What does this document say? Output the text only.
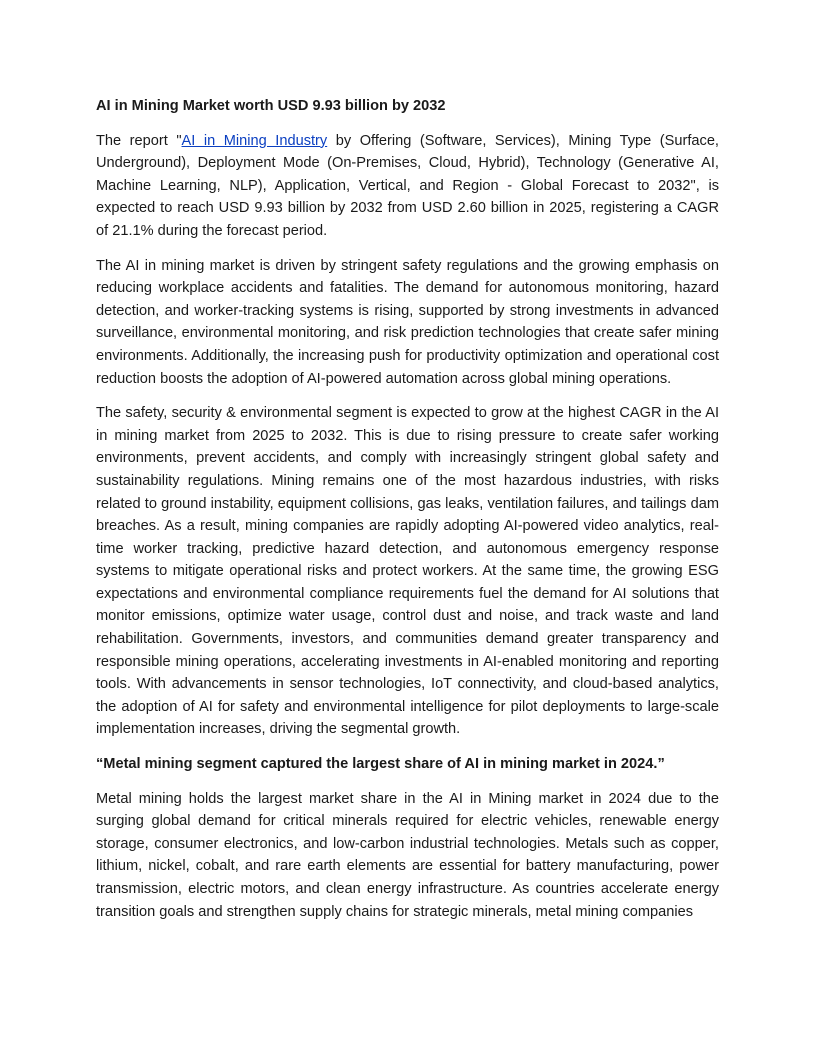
AI in Mining Market worth USD 9.93 billion by 2032

The report "AI in Mining Industry by Offering (Software, Services), Mining Type (Surface, Underground), Deployment Mode (On-Premises, Cloud, Hybrid), Technology (Generative AI, Machine Learning, NLP), Application, Vertical, and Region - Global Forecast to 2032", is expected to reach USD 9.93 billion by 2032 from USD 2.60 billion in 2025, registering a CAGR of 21.1% during the forecast period.

The AI in mining market is driven by stringent safety regulations and the growing emphasis on reducing workplace accidents and fatalities. The demand for autonomous monitoring, hazard detection, and worker-tracking systems is rising, supported by strong investments in advanced surveillance, environmental monitoring, and risk prediction technologies that create safer mining environments. Additionally, the increasing push for productivity optimization and operational cost reduction boosts the adoption of AI-powered automation across global mining operations.

The safety, security & environmental segment is expected to grow at the highest CAGR in the AI in mining market from 2025 to 2032. This is due to rising pressure to create safer working environments, prevent accidents, and comply with increasingly stringent global safety and sustainability regulations. Mining remains one of the most hazardous industries, with risks related to ground instability, equipment collisions, gas leaks, ventilation failures, and tailings dam breaches. As a result, mining companies are rapidly adopting AI-powered video analytics, real-time worker tracking, predictive hazard detection, and autonomous emergency response systems to mitigate operational risks and protect workers. At the same time, the growing ESG expectations and environmental compliance requirements fuel the demand for AI solutions that monitor emissions, optimize water usage, control dust and noise, and track waste and land rehabilitation. Governments, investors, and communities demand greater transparency and responsible mining operations, accelerating investments in AI-enabled monitoring and reporting tools. With advancements in sensor technologies, IoT connectivity, and cloud-based analytics, the adoption of AI for safety and environmental intelligence for pilot deployments to large-scale implementation increases, driving the segmental growth.

“Metal mining segment captured the largest share of AI in mining market in 2024.”

Metal mining holds the largest market share in the AI in Mining market in 2024 due to the surging global demand for critical minerals required for electric vehicles, renewable energy storage, consumer electronics, and low-carbon industrial technologies. Metals such as copper, lithium, nickel, cobalt, and rare earth elements are essential for battery manufacturing, power transmission, electric motors, and clean energy infrastructure. As countries accelerate energy transition goals and strengthen supply chains for strategic minerals, metal mining companies
